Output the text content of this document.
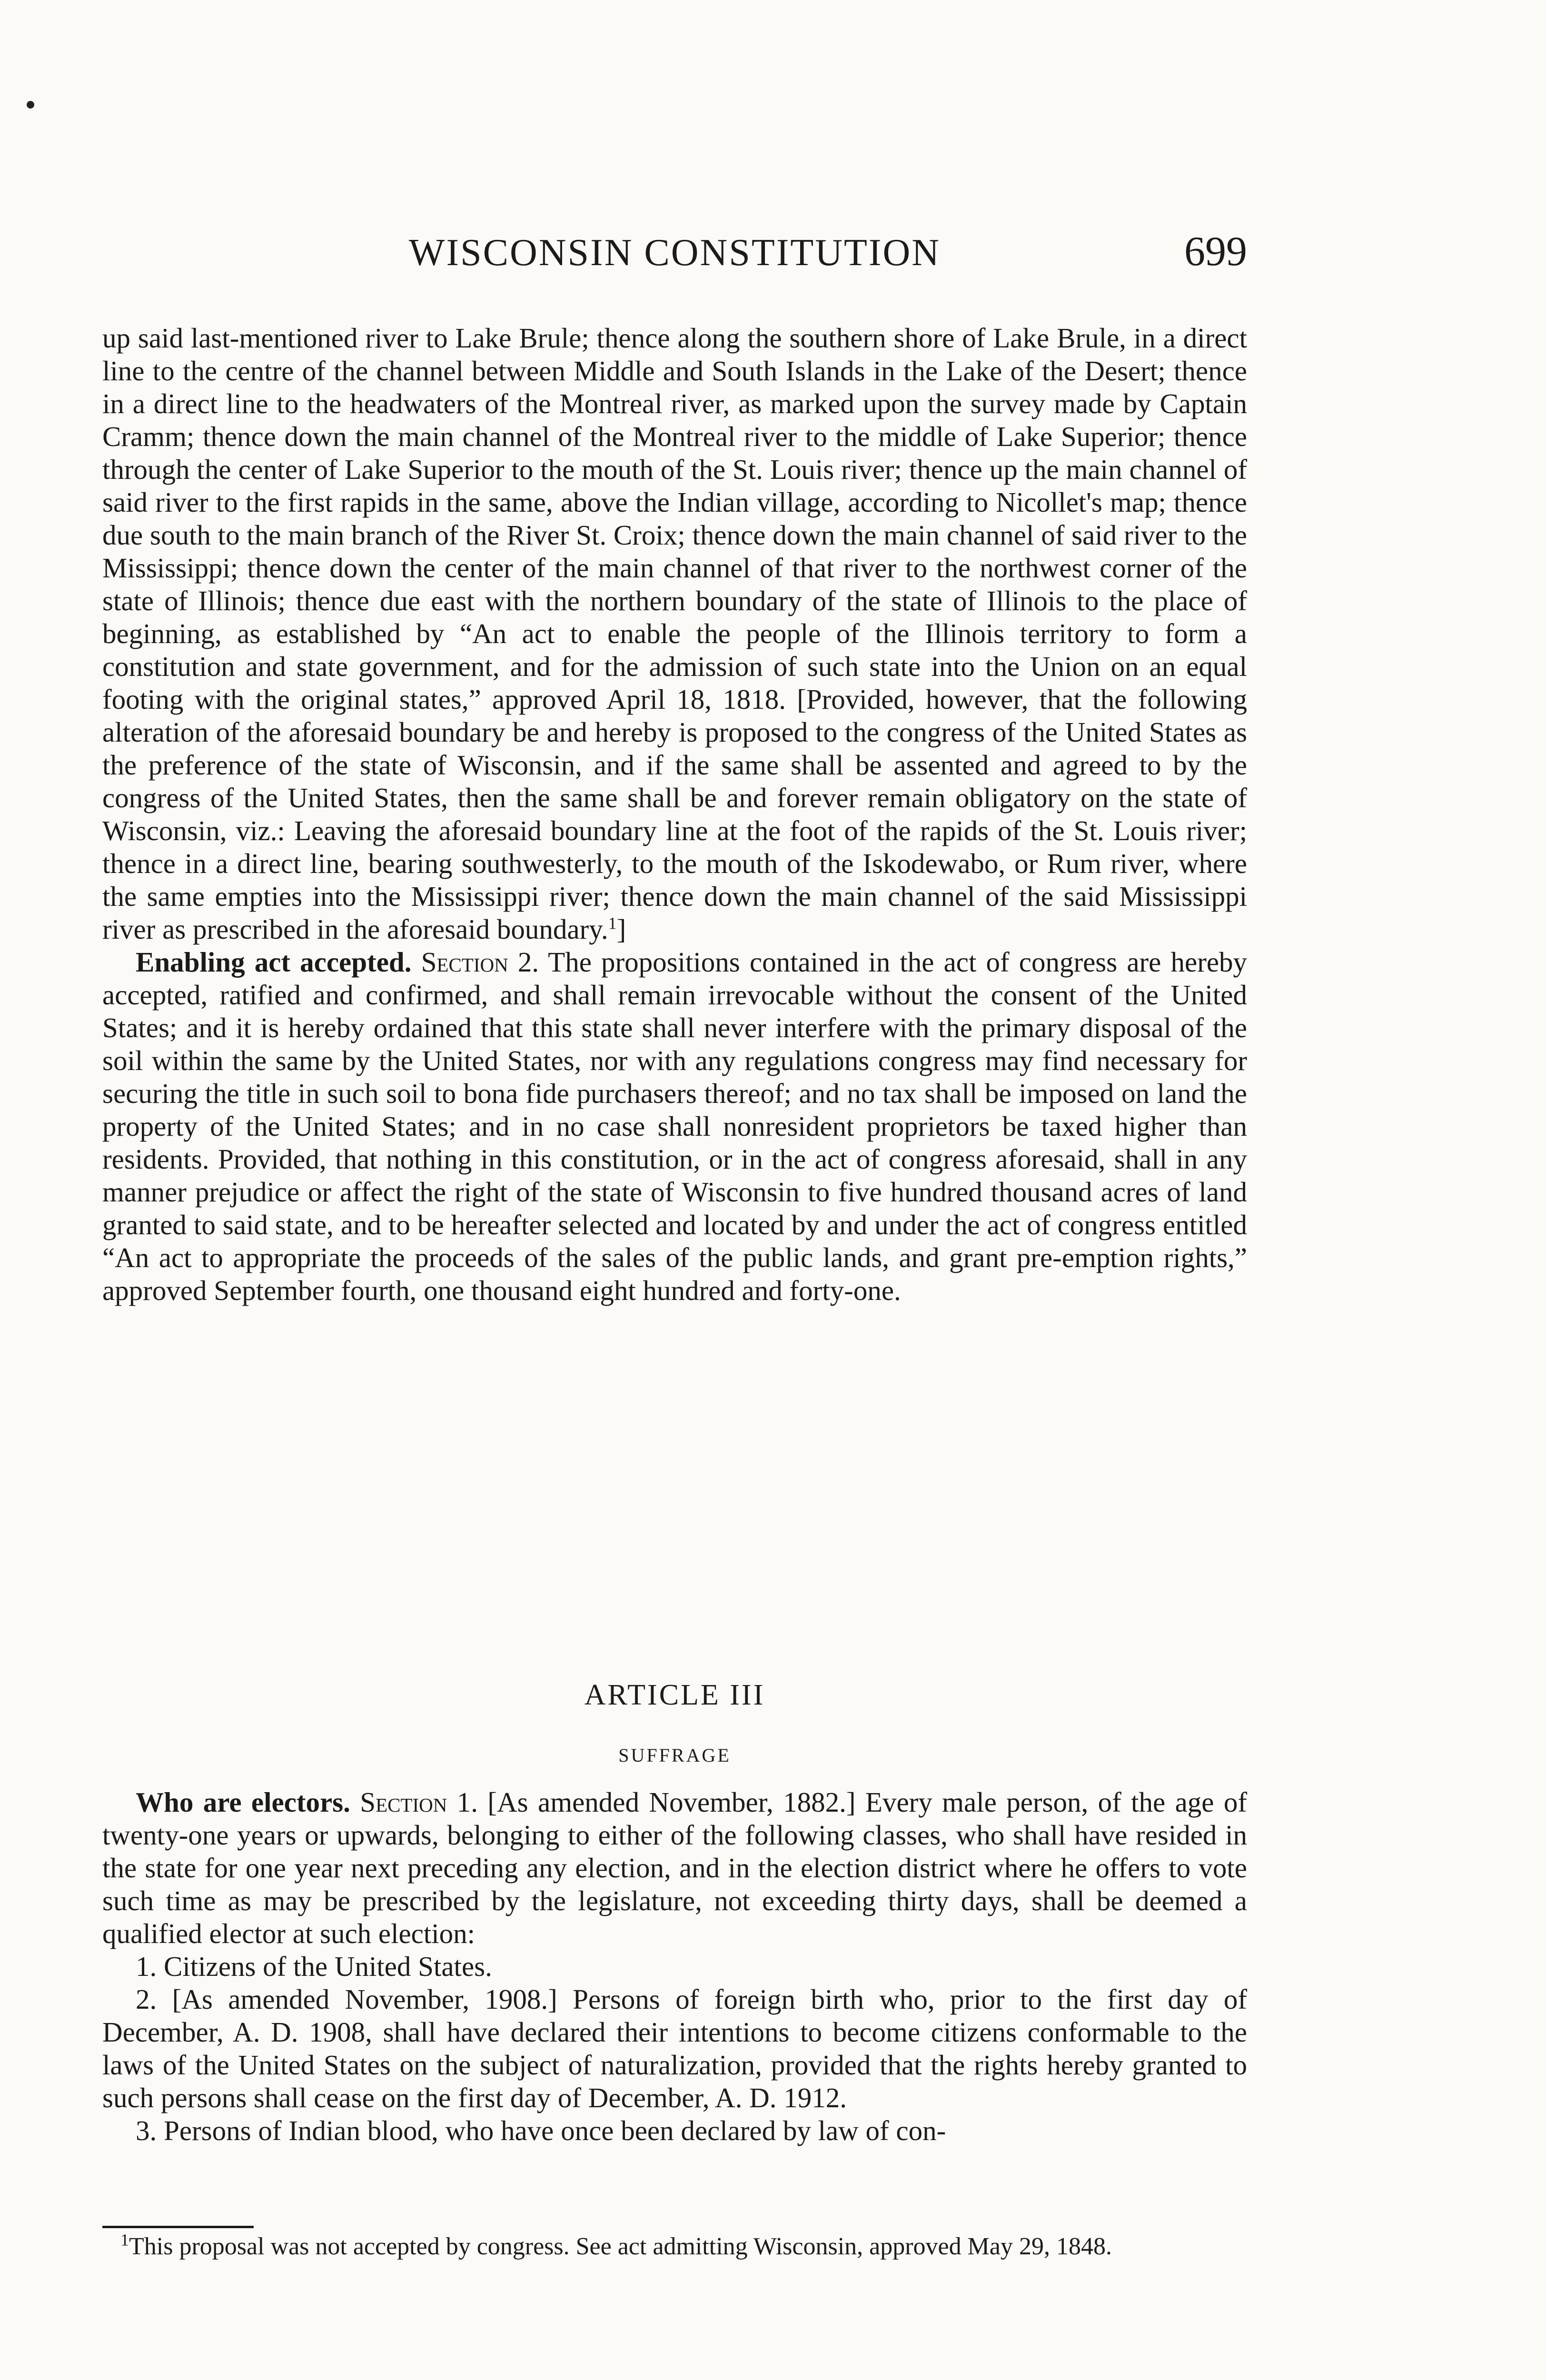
WISCONSIN CONSTITUTION	699

up said last-mentioned river to Lake Brule; thence along the southern shore of Lake Brule, in a direct line to the centre of the channel between Middle and South Islands in the Lake of the Desert; thence in a direct line to the headwaters of the Montreal river, as marked upon the survey made by Captain Cramm; thence down the main channel of the Montreal river to the middle of Lake Superior; thence through the center of Lake Superior to the mouth of the St. Louis river; thence up the main channel of said river to the first rapids in the same, above the Indian village, according to Nicollet's map; thence due south to the main branch of the River St. Croix; thence down the main channel of said river to the Mississippi; thence down the center of the main channel of that river to the northwest corner of the state of Illinois; thence due east with the northern boundary of the state of Illinois to the place of beginning, as established by “An act to enable the people of the Illinois territory to form a constitution and state government, and for the admission of such state into the Union on an equal footing with the original states,” approved April 18, 1818. [Provided, however, that the following alteration of the aforesaid boundary be and hereby is proposed to the congress of the United States as the preference of the state of Wisconsin, and if the same shall be assented and agreed to by the congress of the United States, then the same shall be and forever remain obligatory on the state of Wisconsin, viz.: Leaving the aforesaid boundary line at the foot of the rapids of the St. Louis river; thence in a direct line, bearing southwesterly, to the mouth of the Iskodewabo, or Rum river, where the same empties into the Mississippi river; thence down the main channel of the said Mississippi river as prescribed in the aforesaid boundary.$^1$]

Enabling act accepted. Section 2. The propositions contained in the act of congress are hereby accepted, ratified and confirmed, and shall remain irrevocable without the consent of the United States; and it is hereby ordained that this state shall never interfere with the primary disposal of the soil within the same by the United States, nor with any regulations congress may find necessary for securing the title in such soil to bona fide purchasers thereof; and no tax shall be imposed on land the property of the United States; and in no case shall nonresident proprietors be taxed higher than residents. Provided, that nothing in this constitution, or in the act of congress aforesaid, shall in any manner prejudice or affect the right of the state of Wisconsin to five hundred thousand acres of land granted to said state, and to be hereafter selected and located by and under the act of congress entitled “An act to appropriate the proceeds of the sales of the public lands, and grant pre-emption rights,” approved September fourth, one thousand eight hundred and forty-one.

ARTICLE III
SUFFRAGE

Who are electors. Section 1. [As amended November, 1882.] Every male person, of the age of twenty-one years or upwards, belonging to either of the following classes, who shall have resided in the state for one year next preceding any election, and in the election district where he offers to vote such time as may be prescribed by the legislature, not exceeding thirty days, shall be deemed a qualified elector at such election:

1. Citizens of the United States.

2. [As amended November, 1908.] Persons of foreign birth who, prior to the first day of December, A. D. 1908, shall have declared their intentions to become citizens conformable to the laws of the United States on the subject of naturalization, provided that the rights hereby granted to such persons shall cease on the first day of December, A. D. 1912.

3. Persons of Indian blood, who have once been declared by law of con-

$^1$This proposal was not accepted by congress. See act admitting Wisconsin, approved May 29, 1848.
